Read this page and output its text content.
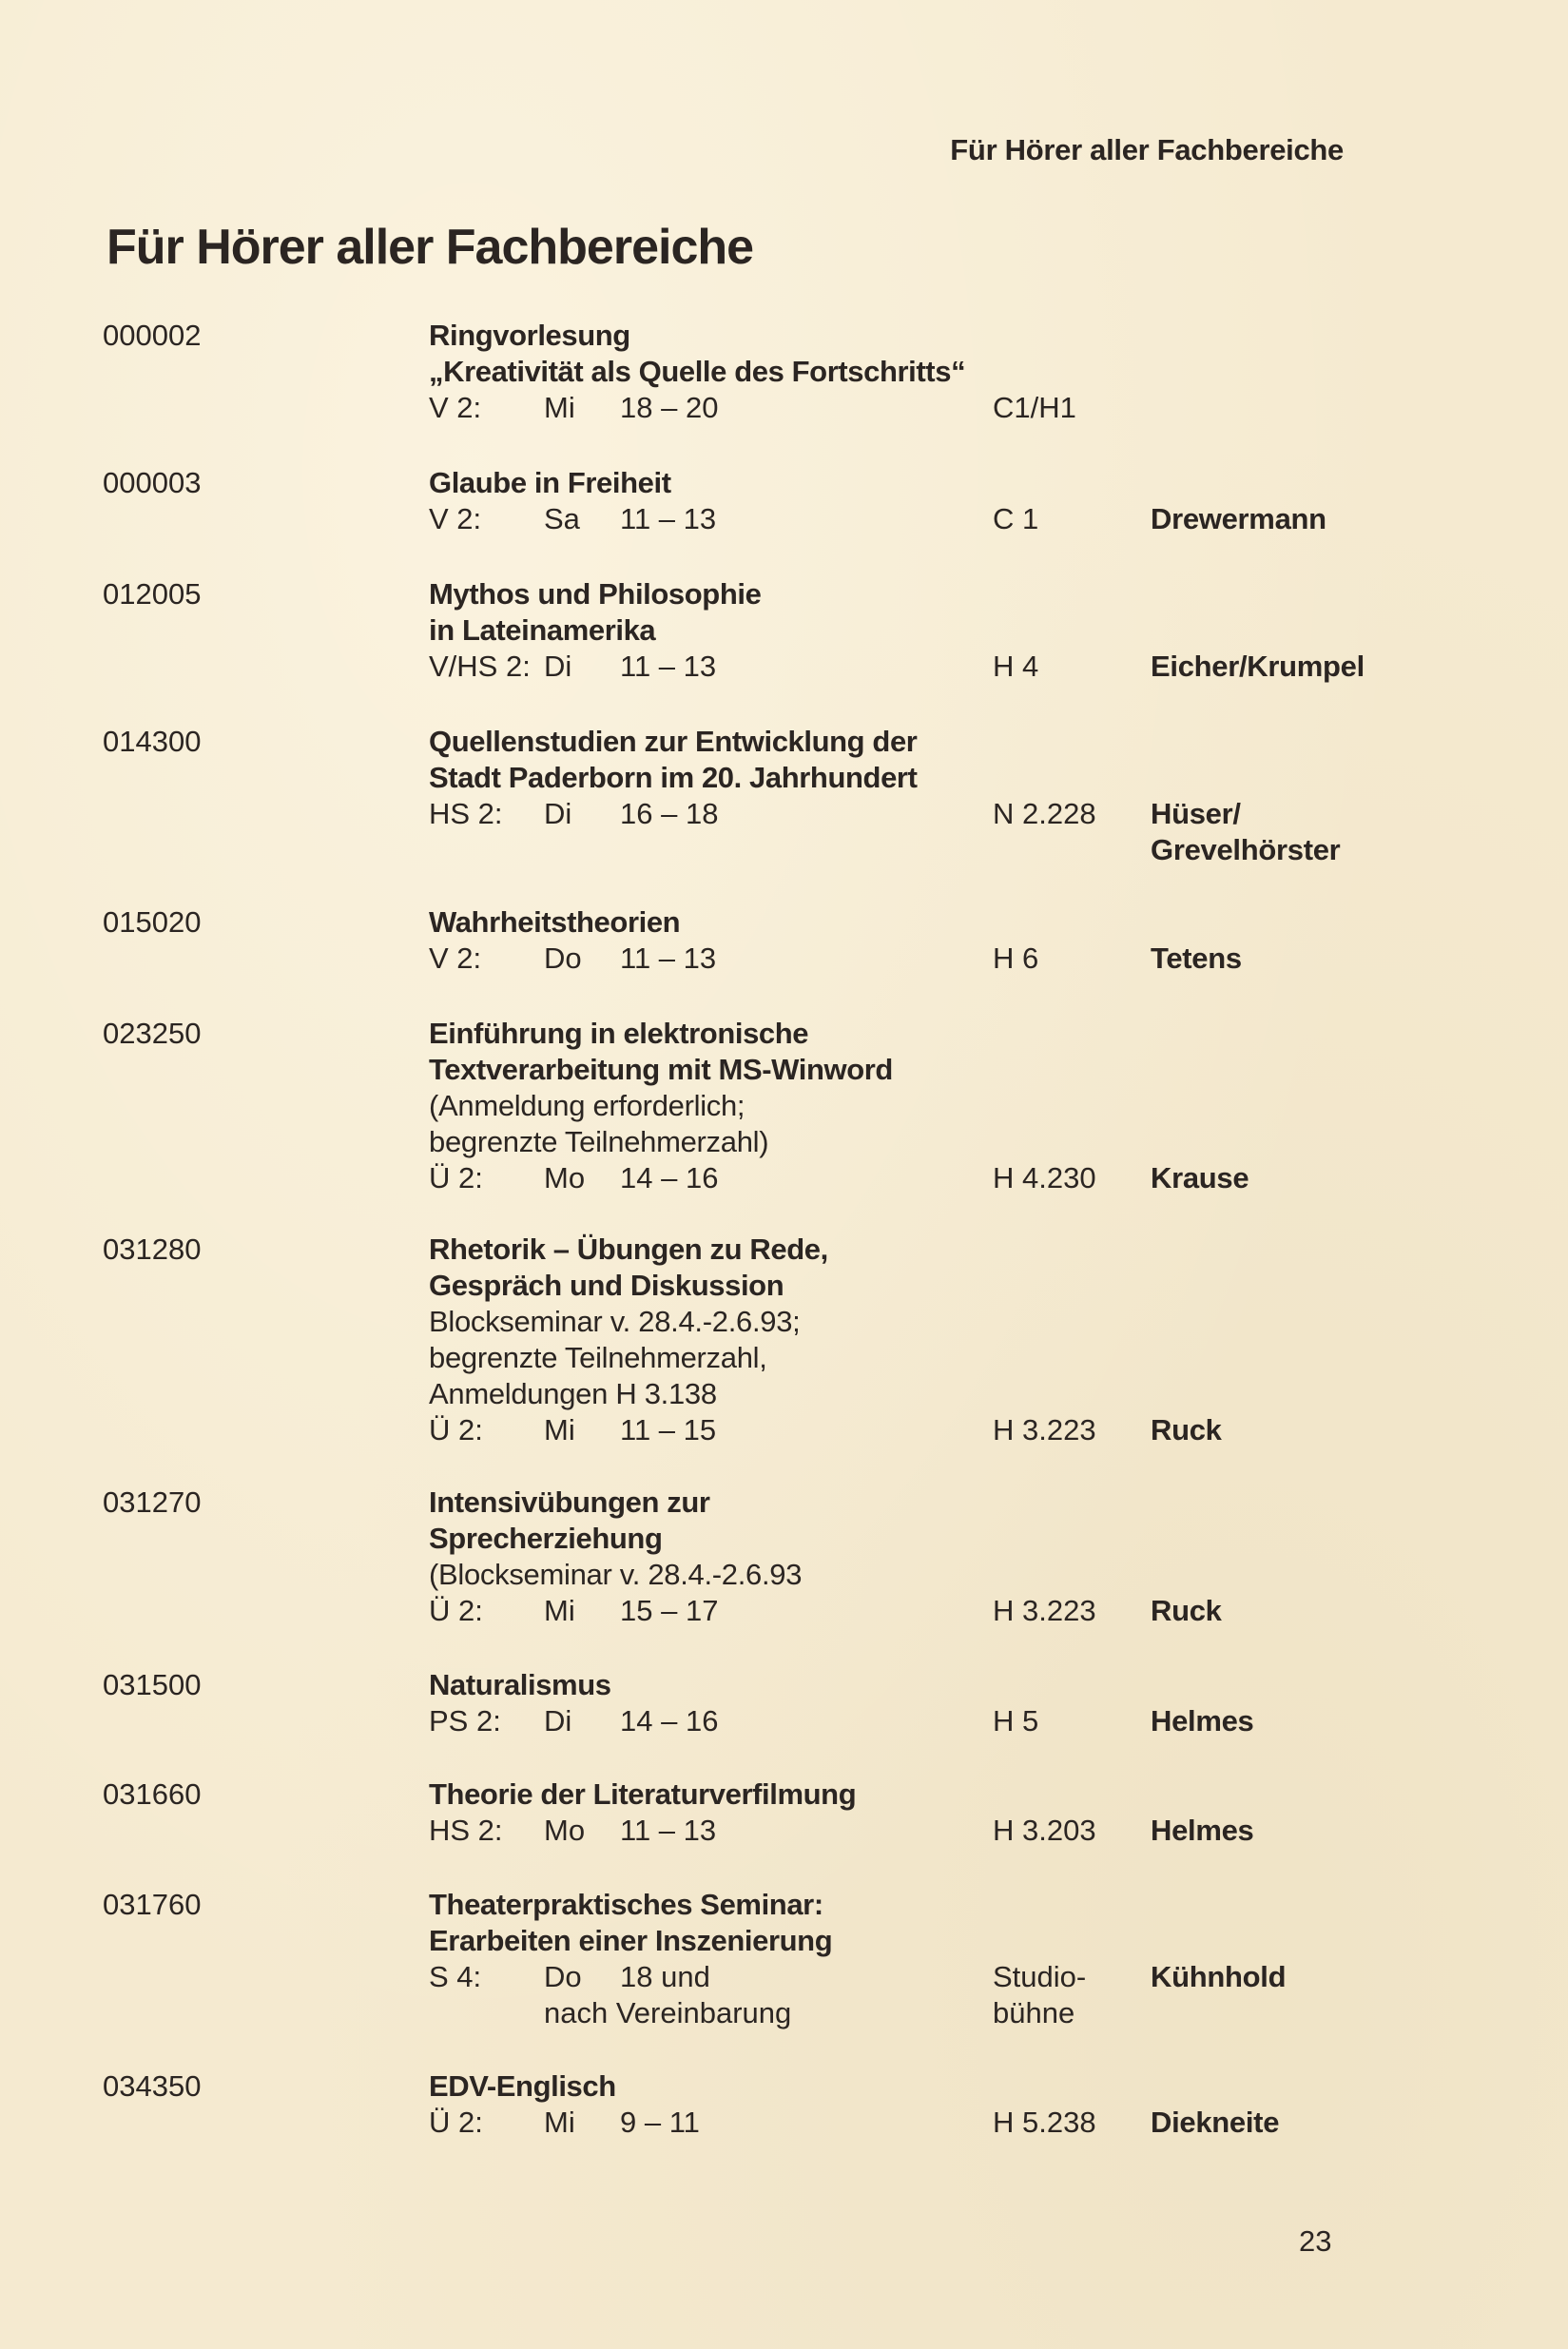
Für Hörer aller Fachbereiche
Für Hörer aller Fachbereiche
000002	Ringvorlesung
„Kreativität als Quelle des Fortschritts“
V 2: Mi 18 – 20	C1/H1
000003	Glaube in Freiheit
V 2: Sa 11 – 13	C 1	Drewermann
012005	Mythos und Philosophie
in Lateinamerika
V/HS 2: Di 11 – 13	H 4	Eicher/Krumpel
014300	Quellenstudien zur Entwicklung der
Stadt Paderborn im 20. Jahrhundert
HS 2: Di 16 – 18	N 2.228 Hüser/
Grevelhörster
015020	Wahrheitstheorien
V 2: Do 11 – 13	H 6	Tetens
023250	Einführung in elektronische
Textverarbeitung mit MS-Winword
(Anmeldung erforderlich;
begrenzte Teilnehmerzahl)
Ü 2: Mo 14 – 16	H 4.230 Krause
031280	Rhetorik – Übungen zu Rede,
Gespräch und Diskussion
Blockseminar v. 28.4.-2.6.93;
begrenzte Teilnehmerzahl,
Anmeldungen H 3.138
Ü 2: Mi 11 – 15	H 3.223 Ruck
031270	Intensivübungen zur
Sprecherziehung
(Blockseminar v. 28.4.-2.6.93
Ü 2: Mi 15 – 17	H 3.223 Ruck
031500	Naturalismus
PS 2: Di 14 – 16	H 5	Helmes
031660	Theorie der Literaturverfilmung
HS 2: Mo 11 – 13	H 3.203 Helmes
031760	Theaterpraktisches Seminar:
Erarbeiten einer Inszenierung
S 4: Do 18 und	Studio- Kühnhold
nach Vereinbarung	bühne
034350	EDV-Englisch
Ü 2: Mi 9 – 11	H 5.238 Diekneite
23
